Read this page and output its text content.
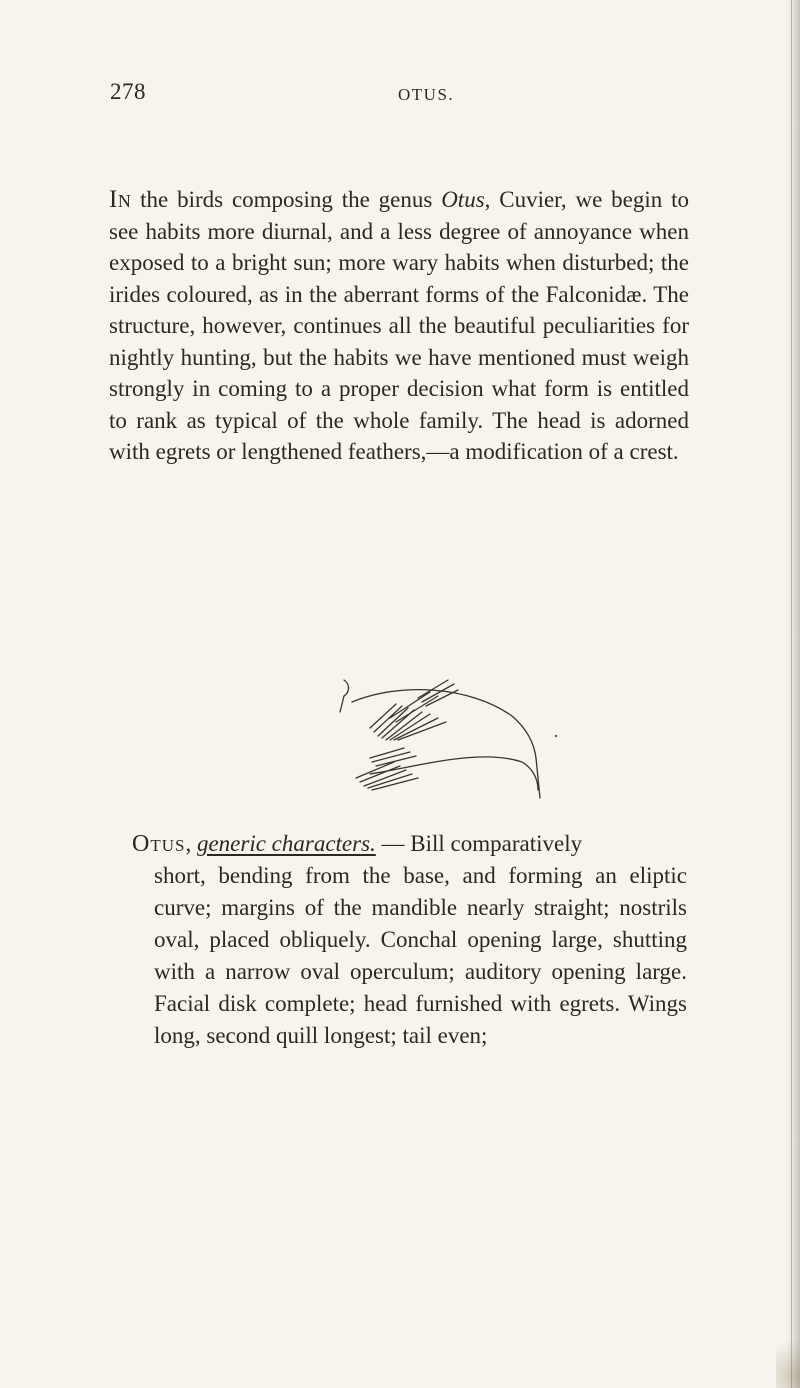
278	OTUS.

In the birds composing the genus Otus, Cuvier, we begin to see habits more diurnal, and a less degree of annoyance when exposed to a bright sun; more wary habits when disturbed; the irides coloured, as in the aberrant forms of the Falconidæ. The structure, however, continues all the beautiful peculiarities for nightly hunting, but the habits we have mentioned must weigh strongly in coming to a proper decision what form is entitled to rank as typical of the whole family. The head is adorned with egrets or lengthened feathers,—a modification of a crest.

Otus, generic characters. — Bill comparatively
short, bending from the base, and forming an eliptic curve; margins of the mandible nearly straight; nostrils oval, placed obliquely. Conchal opening large, shutting with a narrow oval operculum; auditory opening large. Facial disk complete; head furnished with egrets. Wings long, second quill longest; tail even;
